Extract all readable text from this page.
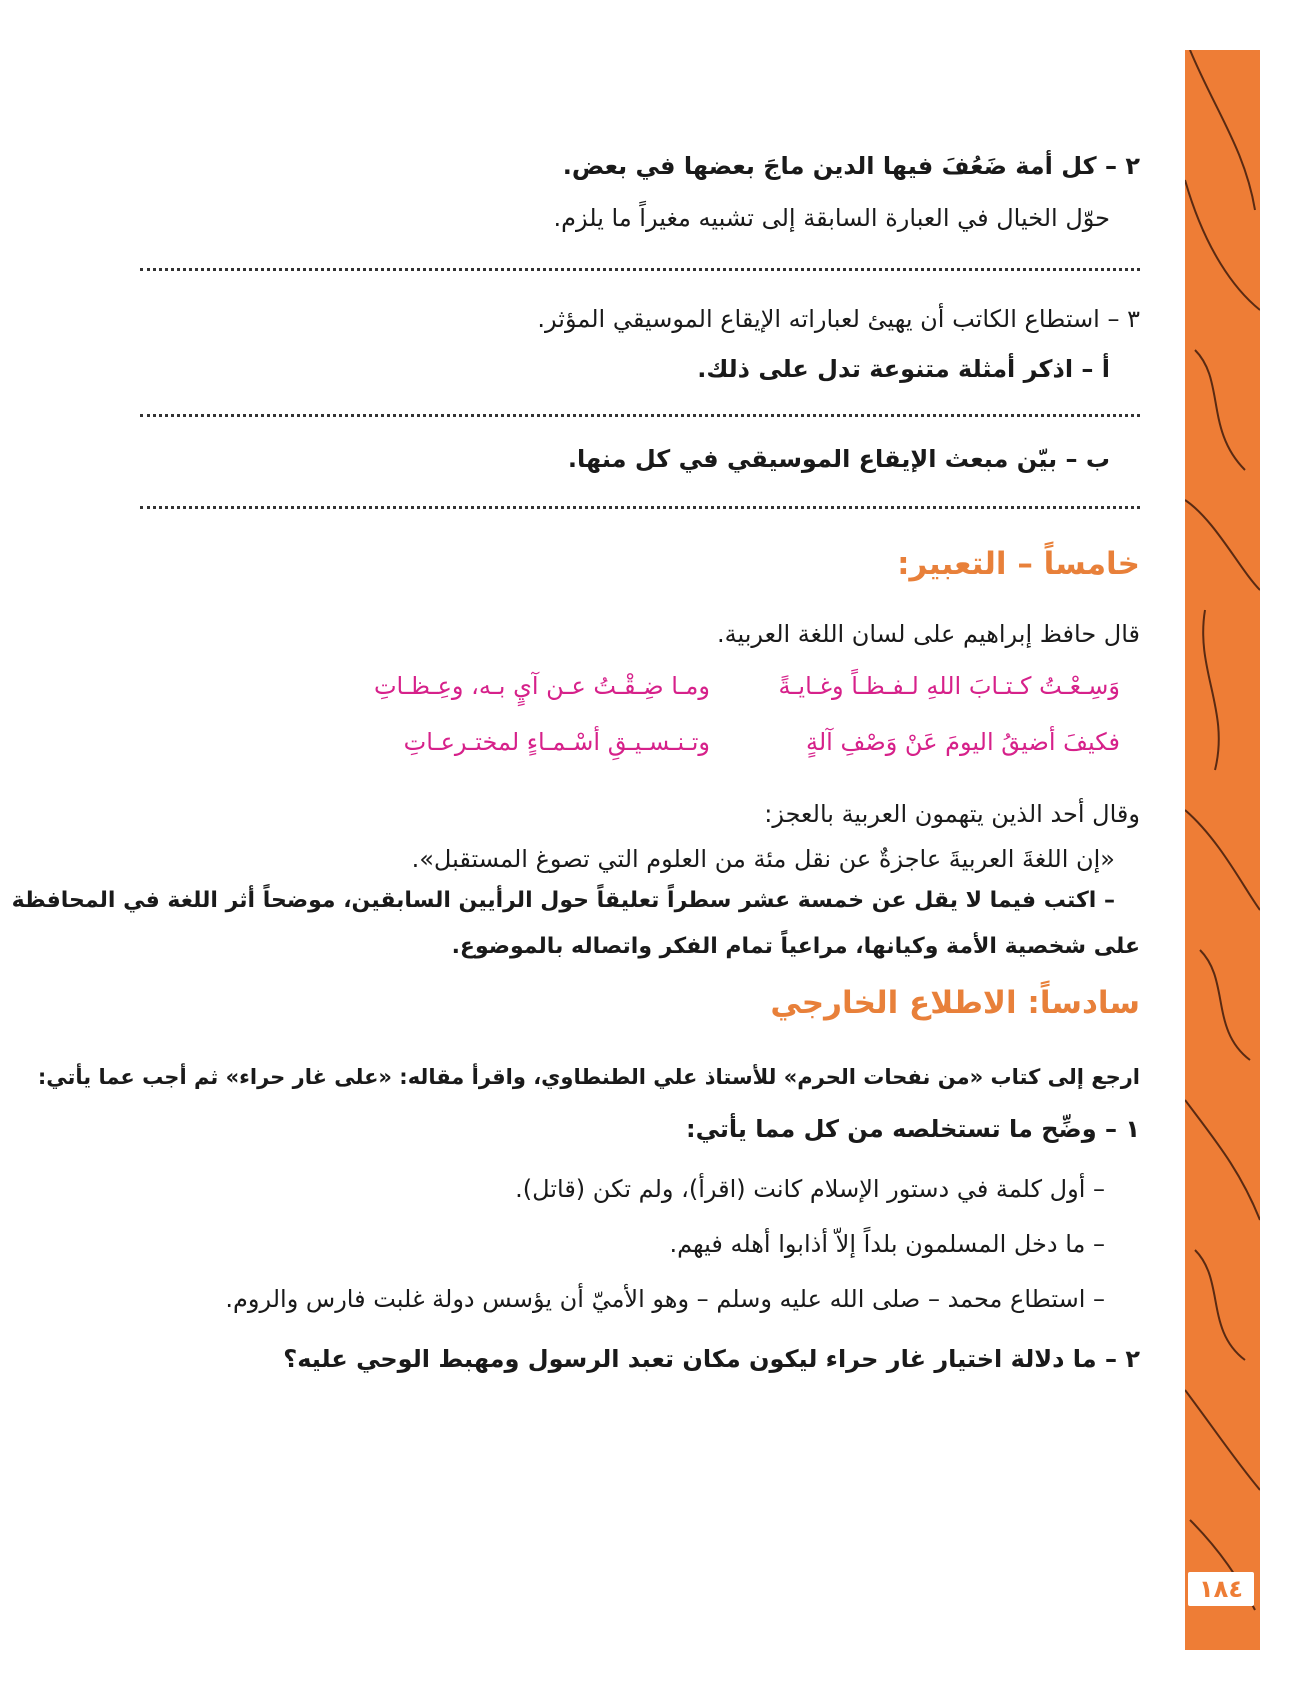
١٨٤
٢ – كل أمة ضَعُفَ فيها الدين ماجَ بعضها في بعض.
حوّل الخيال في العبارة السابقة إلى تشبيه مغيراً ما يلزم.
٣ – استطاع الكاتب أن يهيئ لعباراته الإيقاع الموسيقي المؤثر.
أ – اذكر أمثلة متنوعة تدل على ذلك.
ب – بيّن مبعث الإيقاع الموسيقي في كل منها.
خامساً – التعبير:
قال حافظ إبراهيم على لسان اللغة العربية.
وَسِـعْـتُ كـتـابَ اللهِ لـفـظـاً وغـايـةً
ومـا ضِـقْـتُ عـن آيٍ بـه، وعِـظـاتِ
فكيفَ أضيقُ اليومَ عَنْ وَصْفِ آلةٍ
وتـنـسـيـقِ أسْـمـاءٍ لمختـرعـاتِ
وقال أحد الذين يتهمون العربية بالعجز:
«إن اللغةَ العربيةَ عاجزةٌ عن نقل مئة من العلوم التي تصوغ المستقبل».
– اكتب فيما لا يقل عن خمسة عشر سطراً تعليقاً حول الرأيين السابقين، موضحاً أثر اللغة في المحافظة
على شخصية الأمة وكيانها، مراعياً تمام الفكر واتصاله بالموضوع.
سادساً: الاطلاع الخارجي
ارجع إلى كتاب «من نفحات الحرم» للأستاذ علي الطنطاوي، واقرأ مقاله: «على غار حراء» ثم أجب عما يأتي:
١ – وضِّح ما تستخلصه من كل مما يأتي:
– أول كلمة في دستور الإسلام كانت (اقرأ)، ولم تكن (قاتل).
– ما دخل المسلمون بلداً إلاّ أذابوا أهله فيهم.
– استطاع محمد – صلى الله عليه وسلم – وهو الأميّ أن يؤسس دولة غلبت فارس والروم.
٢ – ما دلالة اختيار غار حراء ليكون مكان تعبد الرسول ومهبط الوحي عليه؟
